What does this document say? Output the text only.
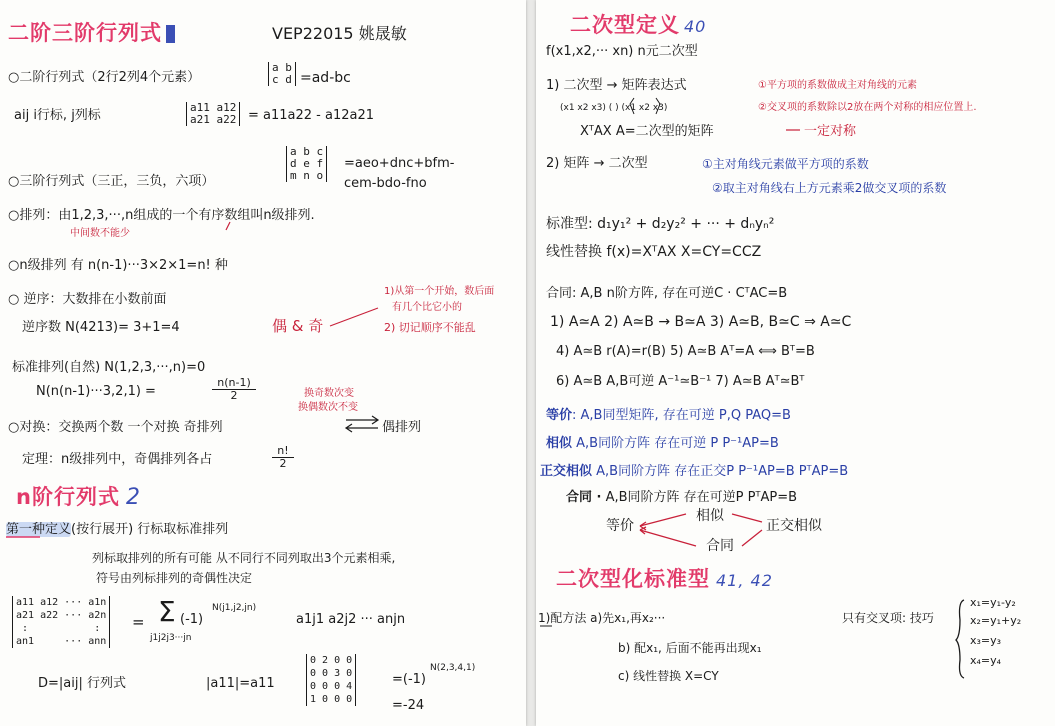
二阶三阶行列式	VEP22015 姚晟敏
○二阶行列式（2行2列4个元素）
a b
c d =ad-bc
aij i行标, j列标
a11 a12
a21 a22 = a11a22 - a12a21
○三阶行列式（三正，三负，六项）
a b c
d e f
m n o
=aeo+dnc+bfm-
cem-bdo-fno
○排列：由1,2,3,···,n组成的一个有序数组叫n级排列.
中间数不能少
○n级排列 有 n(n-1)···3×2×1=n! 种
○ 逆序：大数排在小数前面
逆序数 N(4213)= 3+1=4	偶 & 奇
1)从第一个开始，数后面
有几个比它小的
2) 切记顺序不能乱
标准排列(自然) N(1,2,3,···,n)=0
N(n(n-1)···3,2,1) =	$\frac{n(n-1)}{2}$	换奇数次变
换偶数次不变
○对换：交换两个数 一个对换 奇排列	偶排列
定理：n级排列中，奇偶排列各占	$\frac{n!}{2}$
n阶行列式 2
第一种定义(按行展开) 行标取标准排列
列标取排列的所有可能 从不同行不同列取出3个元素相乘,
符号由列标排列的奇偶性决定
a11 a12 ··· a1n
a21 a22 ··· a2n
:           :
an1     ··· ann
= Σ
j1j2j3···jn
(-1)
N(j1,j2,jn)
a1j1 a2j2 ··· anjn
D=|aij| 行列式	|a11|=a11
0 2 0 0
0 0 3 0
0 0 0 4
1 0 0 0
=(-1)
N(2,3,4,1)
=-24
二次型定义 40
f(x1,x2,··· xn) n元二次型
1) 二次型 → 矩阵表达式	①平方项的系数做成主对角线的元素
(x1 x2 x3) ( ) (x1 x2 x3)	②交叉项的系数除以2放在两个对称的相应位置上.
XᵀAX A=二次型的矩阵	一定对称
2) 矩阵 → 二次型	①主对角线元素做平方项的系数
②取主对角线右上方元素乘2做交叉项的系数
标准型: d₁y₁² + d₂y₂² + ··· + dₙyₙ²
线性替换 f(x)=XᵀAX X=CY=CCZ
合同: A,B n阶方阵, 存在可逆C · CᵀAC=B
1) A≃A 2) A≃B → B≃A 3) A≃B, B≃C ⇒ A≃C
4) A≃B r(A)=r(B) 5) A≃B Aᵀ=A ⟺ Bᵀ=B
6) A≃B A,B可逆 A⁻¹≃B⁻¹ 7) A≃B Aᵀ≃Bᵀ
等价: A,B同型矩阵, 存在可逆 P,Q PAQ=B
相似 A,B同阶方阵 存在可逆 P P⁻¹AP=B
正交相似 A,B同阶方阵 存在正交P P⁻¹AP=B PᵀAP=B
合同 · A,B同阶方阵 存在可逆P PᵀAP=B
等价
相似
正交相似
合同
二次型化标准型 41, 42
1)配方法 a)先x₁,再x₂···	只有交叉项: 技巧
b) 配x₁, 后面不能再出现x₁
c) 线性替换 X=CY
x₁=y₁-y₂
x₂=y₁+y₂
x₃=y₃
x₄=y₄
